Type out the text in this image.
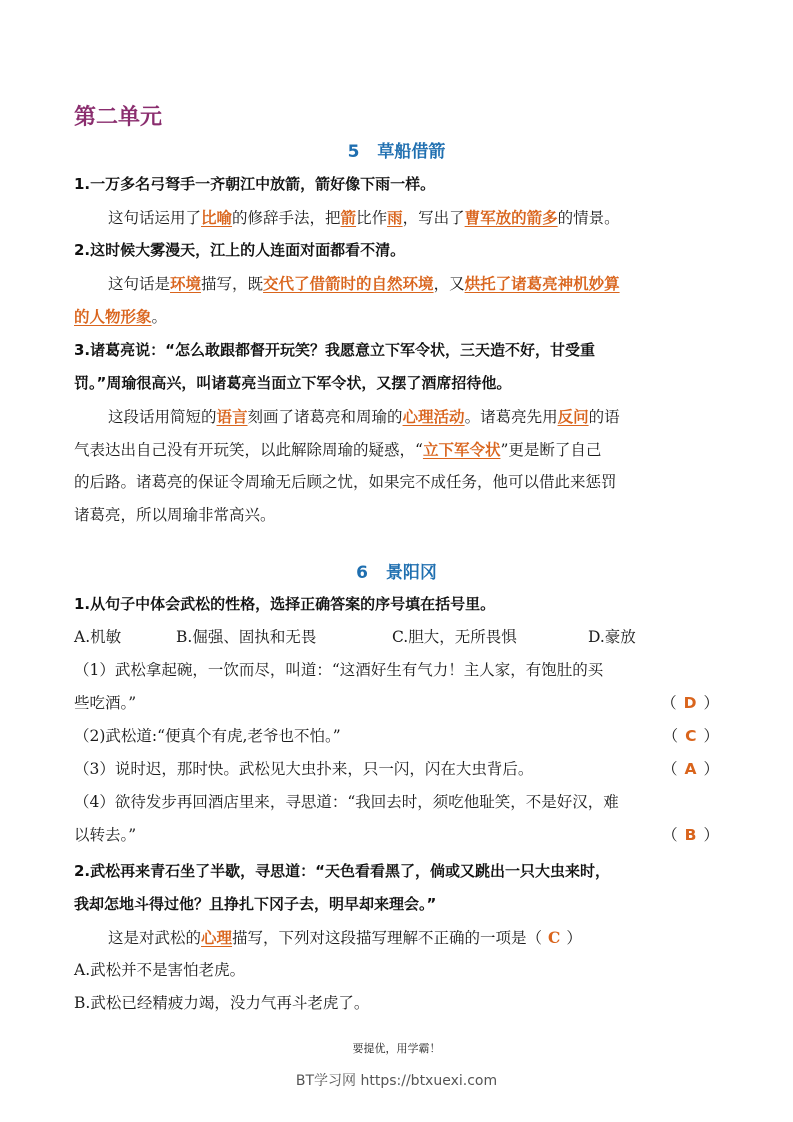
第二单元
5 草船借箭
1.一万多名弓弩手一齐朝江中放箭，箭好像下雨一样。
这句话运用了比喻的修辞手法，把箭比作雨，写出了曹军放的箭多的情景。
2.这时候大雾漫天，江上的人连面对面都看不清。
这句话是环境描写，既交代了借箭时的自然环境，又烘托了诸葛亮神机妙算
的人物形象。
3.诸葛亮说：“怎么敢跟都督开玩笑？我愿意立下军令状，三天造不好，甘受重
罚。”周瑜很高兴，叫诸葛亮当面立下军令状，又摆了酒席招待他。
这段话用简短的语言刻画了诸葛亮和周瑜的心理活动。诸葛亮先用反问的语
气表达出自己没有开玩笑，以此解除周瑜的疑惑，“立下军令状”更是断了自己
的后路。诸葛亮的保证令周瑜无后顾之忧，如果完不成任务，他可以借此来惩罚
诸葛亮，所以周瑜非常高兴。
6 景阳冈
1.从句子中体会武松的性格，选择正确答案的序号填在括号里。
A.机敏	B.倔强、固执和无畏	C.胆大，无所畏惧	D.豪放
（1）武松拿起碗，一饮而尽，叫道：“这酒好生有气力！主人家，有饱肚的买
些吃酒。”	（ D ）
（2)武松道:“便真个有虎,老爷也不怕。”	（ C ）
（3）说时迟，那时快。武松见大虫扑来，只一闪，闪在大虫背后。	（ A ）
（4）欲待发步再回酒店里来，寻思道：“我回去时，须吃他耻笑，不是好汉，难
以转去。”	（ B ）
2.武松再来青石坐了半歇，寻思道：“天色看看黑了，倘或又跳出一只大虫来时，
我却怎地斗得过他？且挣扎下冈子去，明早却来理会。”
这是对武松的心理描写，下列对这段描写理解不正确的一项是（ C ）
A.武松并不是害怕老虎。
B.武松已经精疲力竭，没力气再斗老虎了。
要提优，用学霸！
BT学习网 https://btxuexi.com
